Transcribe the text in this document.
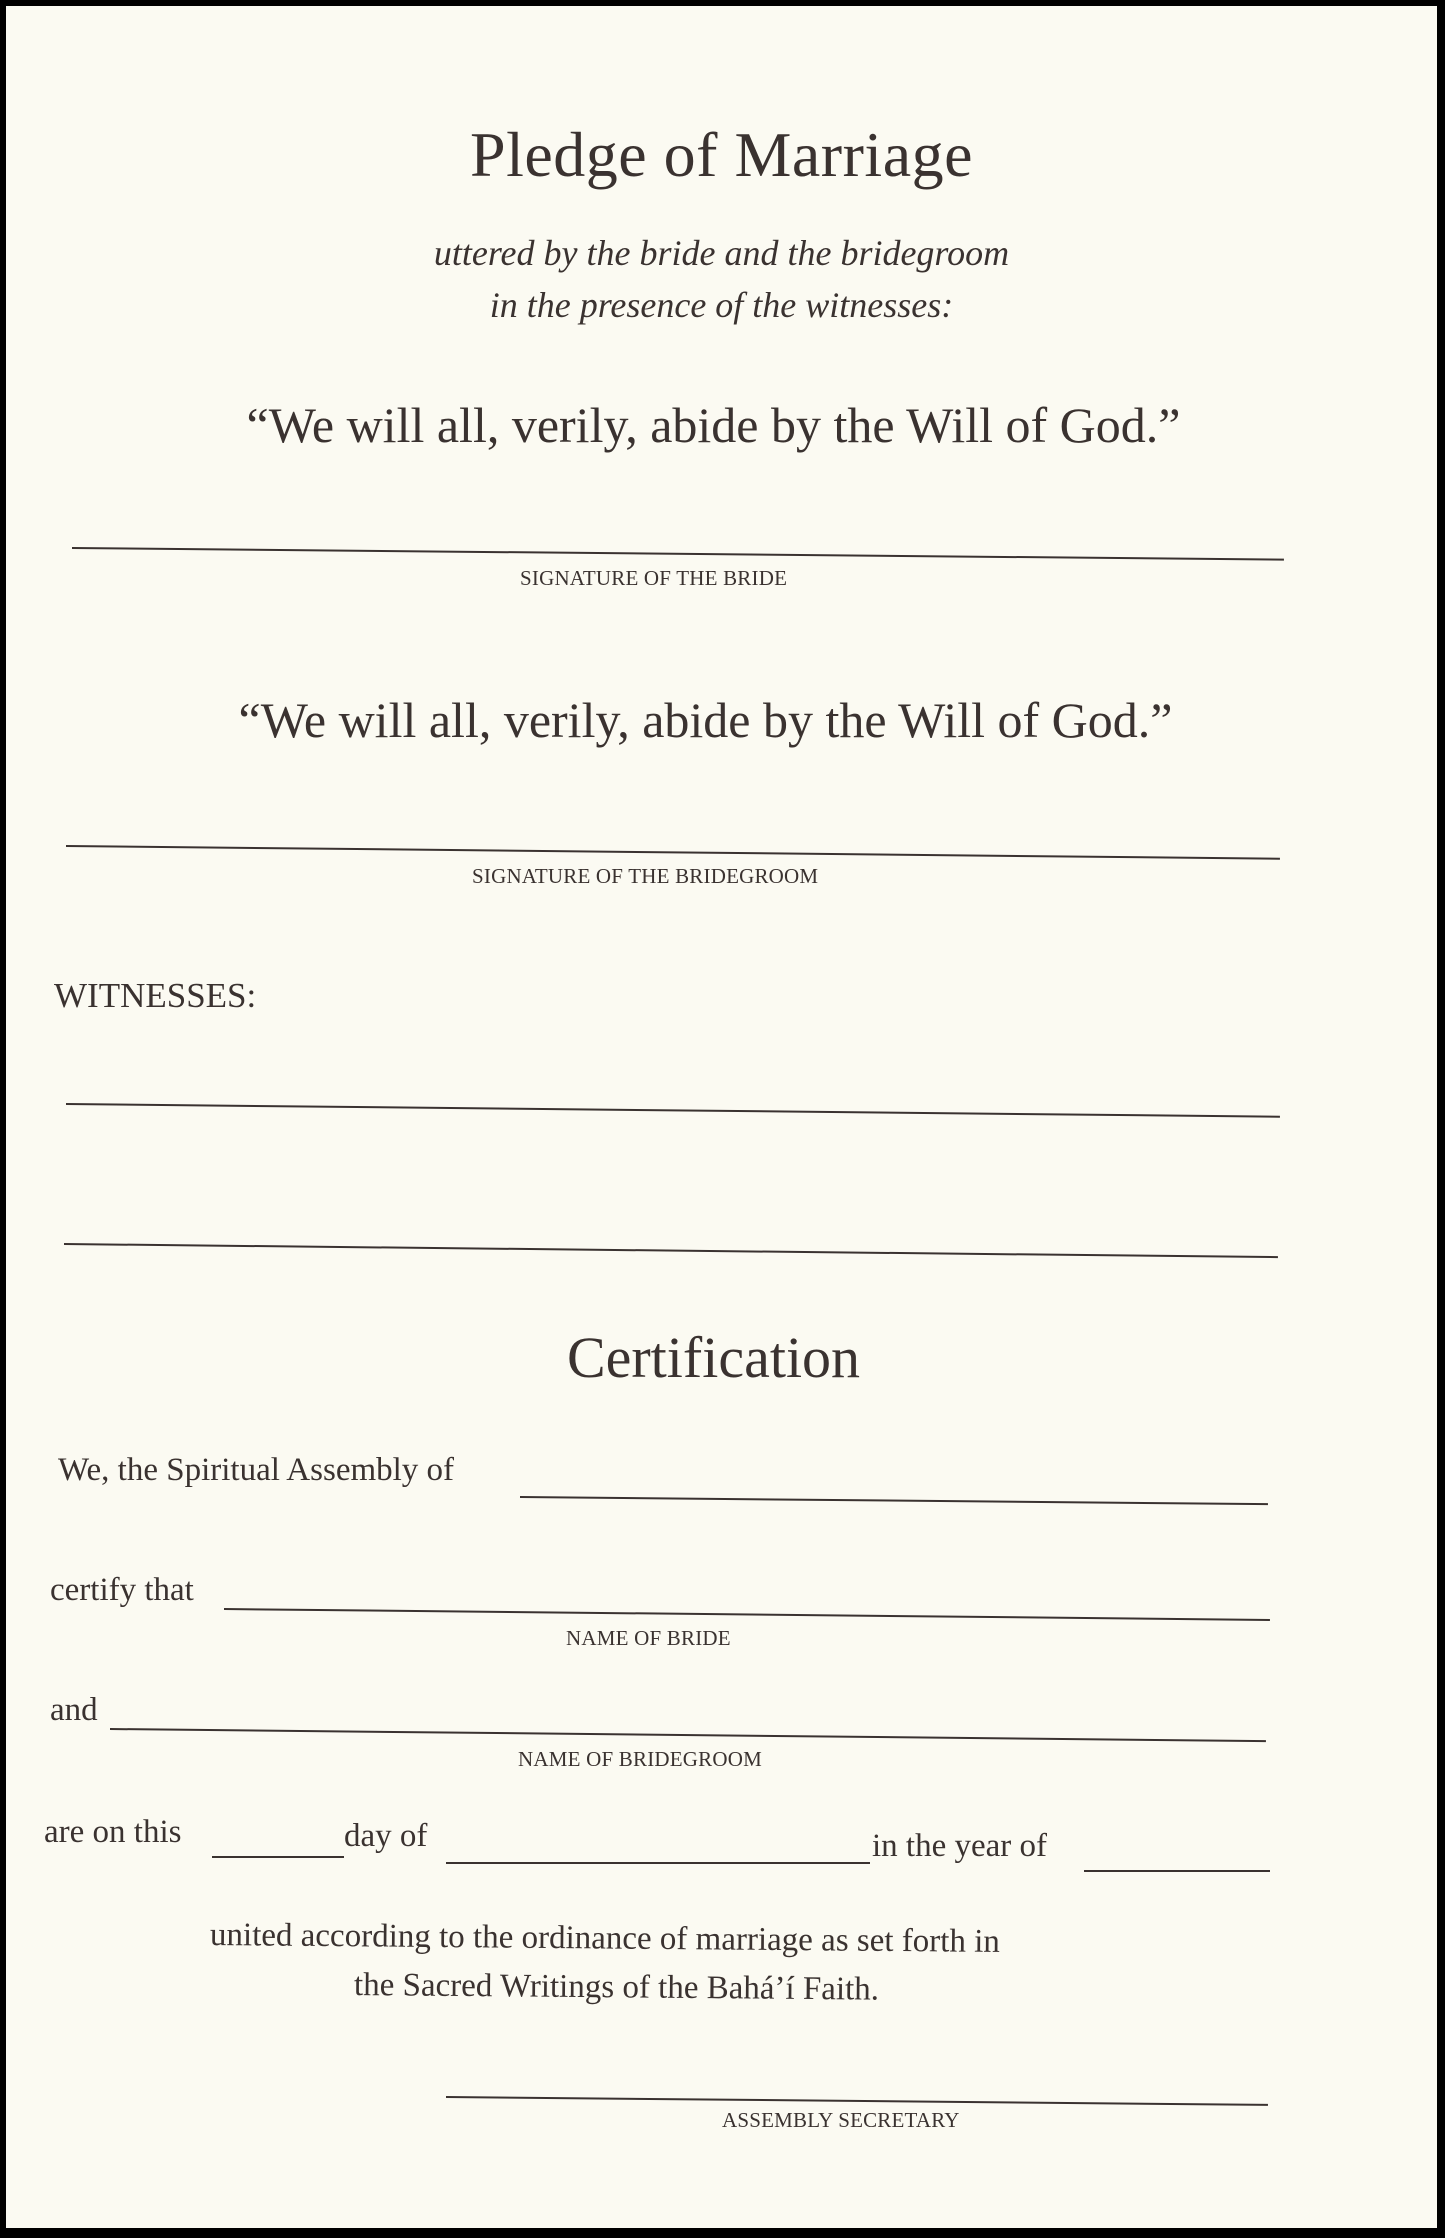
Pledge of Marriage
uttered by the bride and the bridegroom
in the presence of the witnesses:
“We will all, verily, abide by the Will of God.”
SIGNATURE OF THE BRIDE
“We will all, verily, abide by the Will of God.”
SIGNATURE OF THE BRIDEGROOM
WITNESSES:
Certification
We, the Spiritual Assembly of
certify that
NAME OF BRIDE
and
NAME OF BRIDEGROOM
are on this	day of	in the year of
united according to the ordinance of marriage as set forth in
the Sacred Writings of the Bahá’í Faith.
ASSEMBLY SECRETARY
